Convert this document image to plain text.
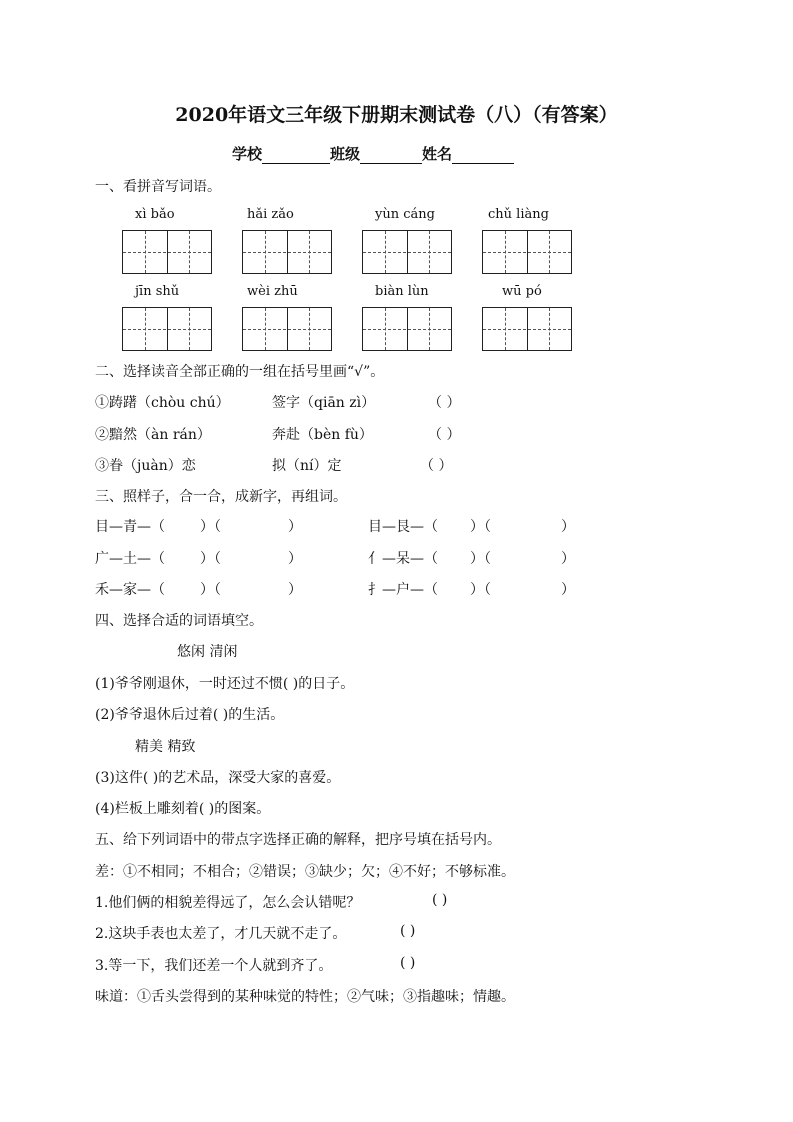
2020年语文三年级下册期末测试卷（八）（有答案）
学校	班级	姓名
一、看拼音写词语。
xì bǎo	hǎi zǎo	yùn cáng	chǔ liàng
jīn shǔ	wèi zhū	biàn lùn	wū pó
二、选择读音全部正确的一组在括号里画“√”。
①踌躇（chòu chú）	签字（qiān zì）	（ ）
②黯然（àn rán）	奔赴（bèn fù）	（ ）
③眷（juàn）恋	拟（ní）定	（ ）
三、照样子，合一合，成新字，再组词。
目—青—（	）（	）	目—艮—（ ）（	）
广—土—（	）（	）	亻—呆—（ ）（	）
禾—家—（	）（	）	扌—户—（ ）（	）
四、选择合适的词语填空。
悠闲 清闲
(1)爷爷刚退休，一时还过不惯( )的日子。
(2)爷爷退休后过着( )的生活。
精美 精致
(3)这件( )的艺术品，深受大家的喜爱。
(4)栏板上雕刻着( )的图案。
五、给下列词语中的带点字选择正确的解释，把序号填在括号内。
差：①不相同；不相合；②错误；③缺少；欠；④不好；不够标准。
1.他们俩的相貌差得远了，怎么会认错呢？	( )
2.这块手表也太差了，才几天就不走了。	( )
3.等一下，我们还差一个人就到齐了。	( )
味道：①舌头尝得到的某种味觉的特性；②气味；③指趣味；情趣。
